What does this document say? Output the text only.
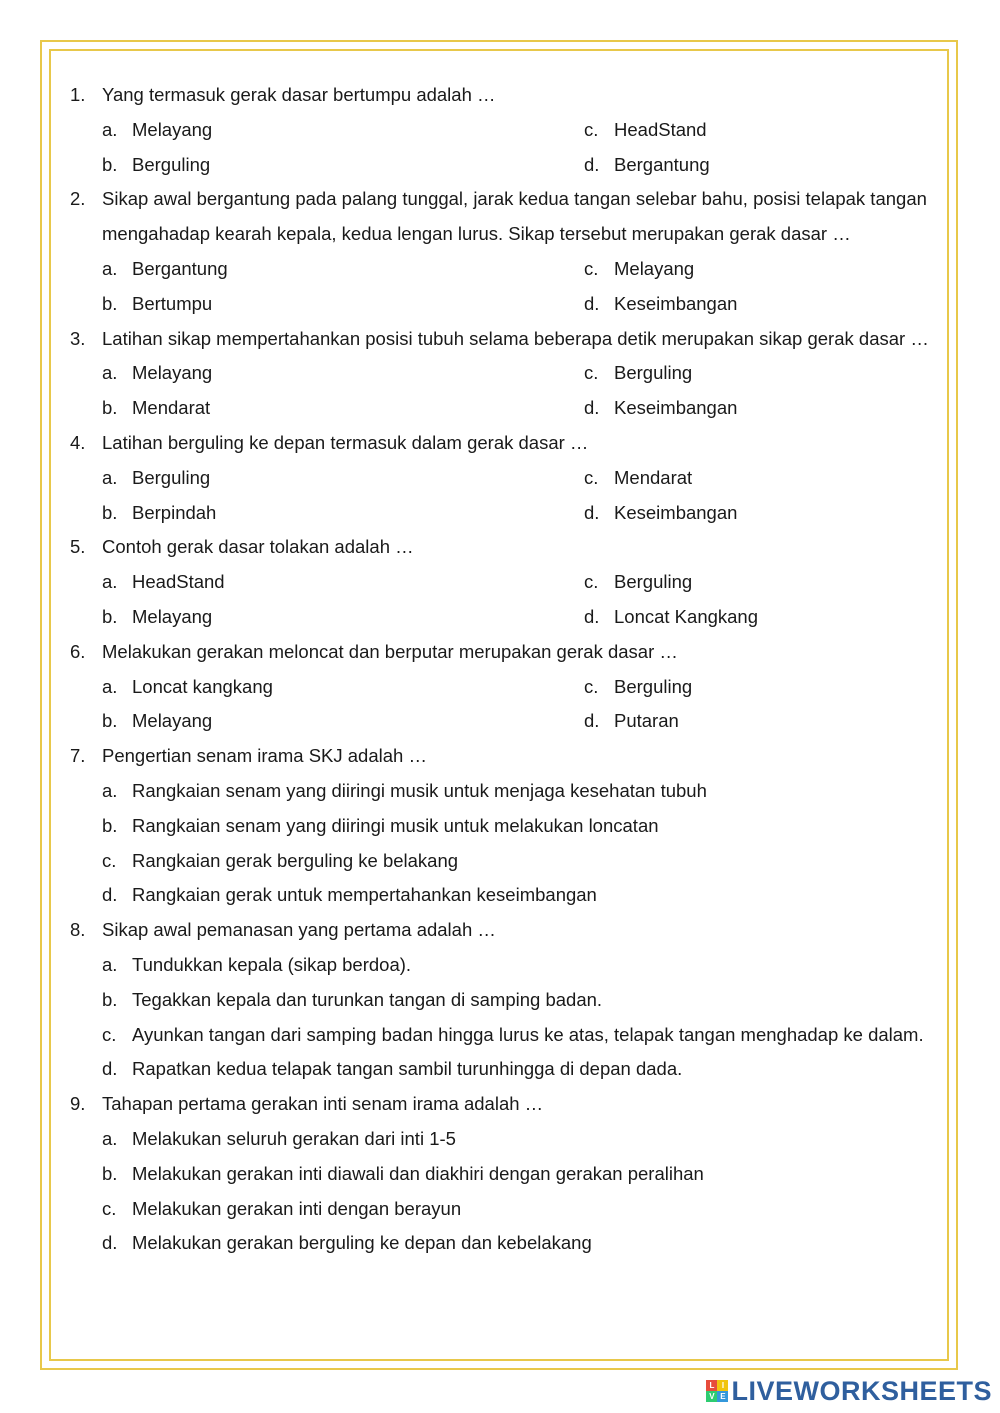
1. Yang termasuk gerak dasar bertumpu adalah …
a. Melayang	c. HeadStand
b. Berguling	d. Bergantung
2. Sikap awal bergantung pada palang tunggal, jarak kedua tangan selebar bahu, posisi telapak tangan mengahadap kearah kepala, kedua lengan lurus. Sikap tersebut merupakan gerak dasar …
a. Bergantung	c. Melayang
b. Bertumpu	d. Keseimbangan
3. Latihan sikap mempertahankan posisi tubuh selama beberapa detik merupakan sikap gerak dasar …
a. Melayang	c. Berguling
b. Mendarat	d. Keseimbangan
4. Latihan berguling ke depan termasuk dalam gerak dasar …
a. Berguling	c. Mendarat
b. Berpindah	d. Keseimbangan
5. Contoh gerak dasar tolakan adalah …
a. HeadStand	c. Berguling
b. Melayang	d. Loncat Kangkang
6. Melakukan gerakan meloncat dan berputar merupakan gerak dasar …
a. Loncat kangkang	c. Berguling
b. Melayang	d. Putaran
7. Pengertian senam irama SKJ adalah …
a. Rangkaian senam yang diiringi musik untuk menjaga kesehatan tubuh
b. Rangkaian senam yang diiringi musik untuk melakukan loncatan
c. Rangkaian gerak berguling ke belakang
d. Rangkaian gerak untuk mempertahankan keseimbangan
8. Sikap awal pemanasan yang pertama adalah …
a. Tundukkan kepala (sikap berdoa).
b. Tegakkan kepala dan turunkan tangan di samping badan.
c. Ayunkan tangan dari samping badan hingga lurus ke atas, telapak tangan menghadap ke dalam.
d. Rapatkan kedua telapak tangan sambil turunhingga di depan dada.
9. Tahapan pertama gerakan inti senam irama adalah …
a. Melakukan seluruh gerakan dari inti 1-5
b. Melakukan gerakan inti diawali dan diakhiri dengan gerakan peralihan
c. Melakukan gerakan inti dengan berayun
d. Melakukan gerakan berguling ke depan dan kebelakang
L I
V E LIVEWORKSHEETS
